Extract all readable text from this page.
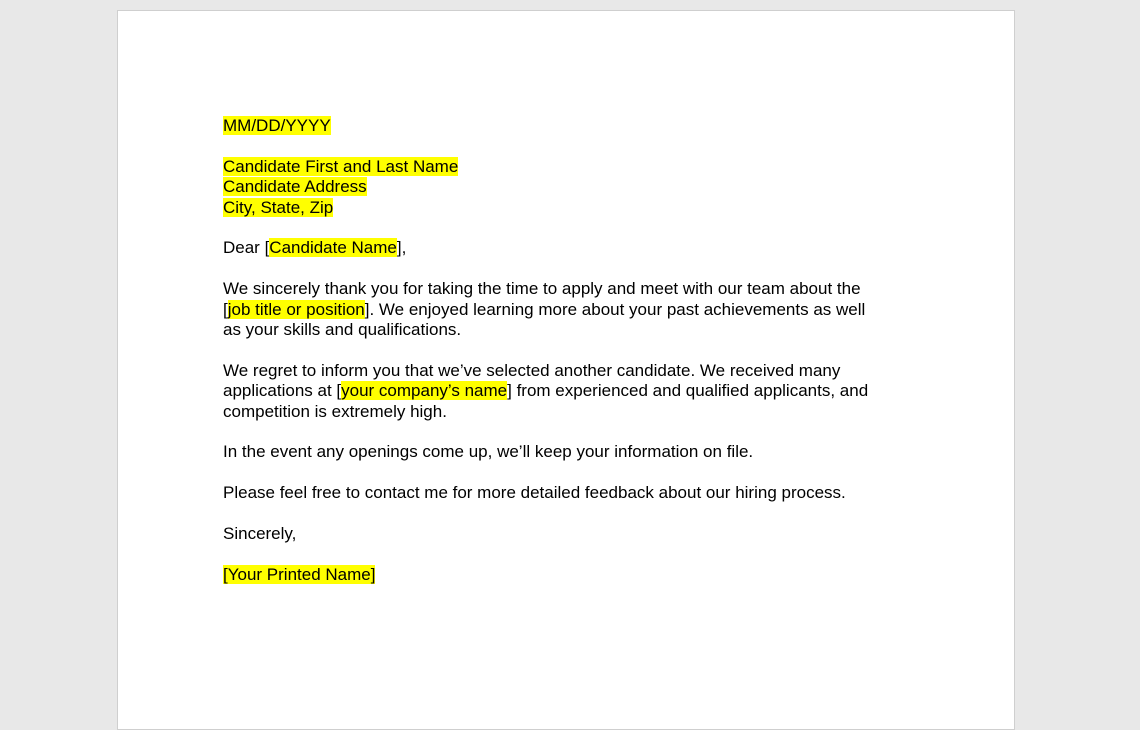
MM/DD/YYYY

Candidate First and Last Name
Candidate Address
City, State, Zip

Dear [Candidate Name],

We sincerely thank you for taking the time to apply and meet with our team about the
[job title or position]. We enjoyed learning more about your past achievements as well
as your skills and qualifications.

We regret to inform you that we’ve selected another candidate. We received many
applications at [your company’s name] from experienced and qualified applicants, and
competition is extremely high.

In the event any openings come up, we’ll keep your information on file.

Please feel free to contact me for more detailed feedback about our hiring process.

Sincerely,

[Your Printed Name]
